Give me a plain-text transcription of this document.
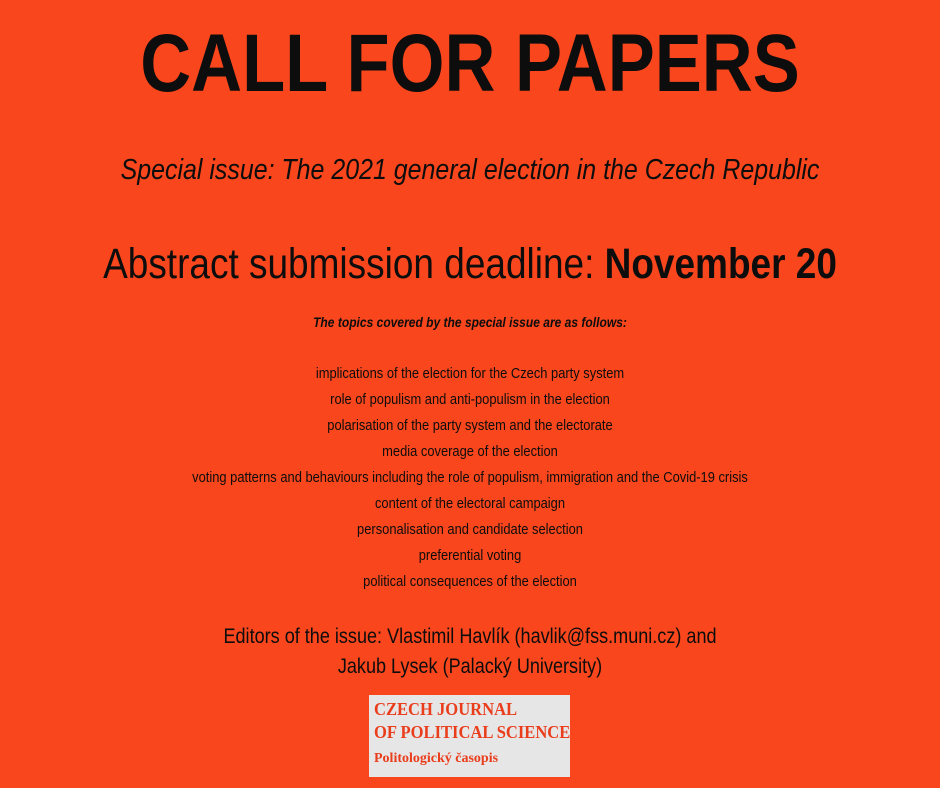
CALL FOR PAPERS
Special issue: The 2021 general election in the Czech Republic
Abstract submission deadline: November 20
The topics covered by the special issue are as follows:
implications of the election for the Czech party system
role of populism and anti-populism in the election
polarisation of the party system and the electorate
media coverage of the election
voting patterns and behaviours including the role of populism, immigration and the Covid-19 crisis
content of the electoral campaign
personalisation and candidate selection
preferential voting
political consequences of the election
Editors of the issue: Vlastimil Havlík (havlik@fss.muni.cz) and
Jakub Lysek (Palacký University)
CZECH JOURNAL
OF POLITICAL SCIENCE
Politologický časopis
